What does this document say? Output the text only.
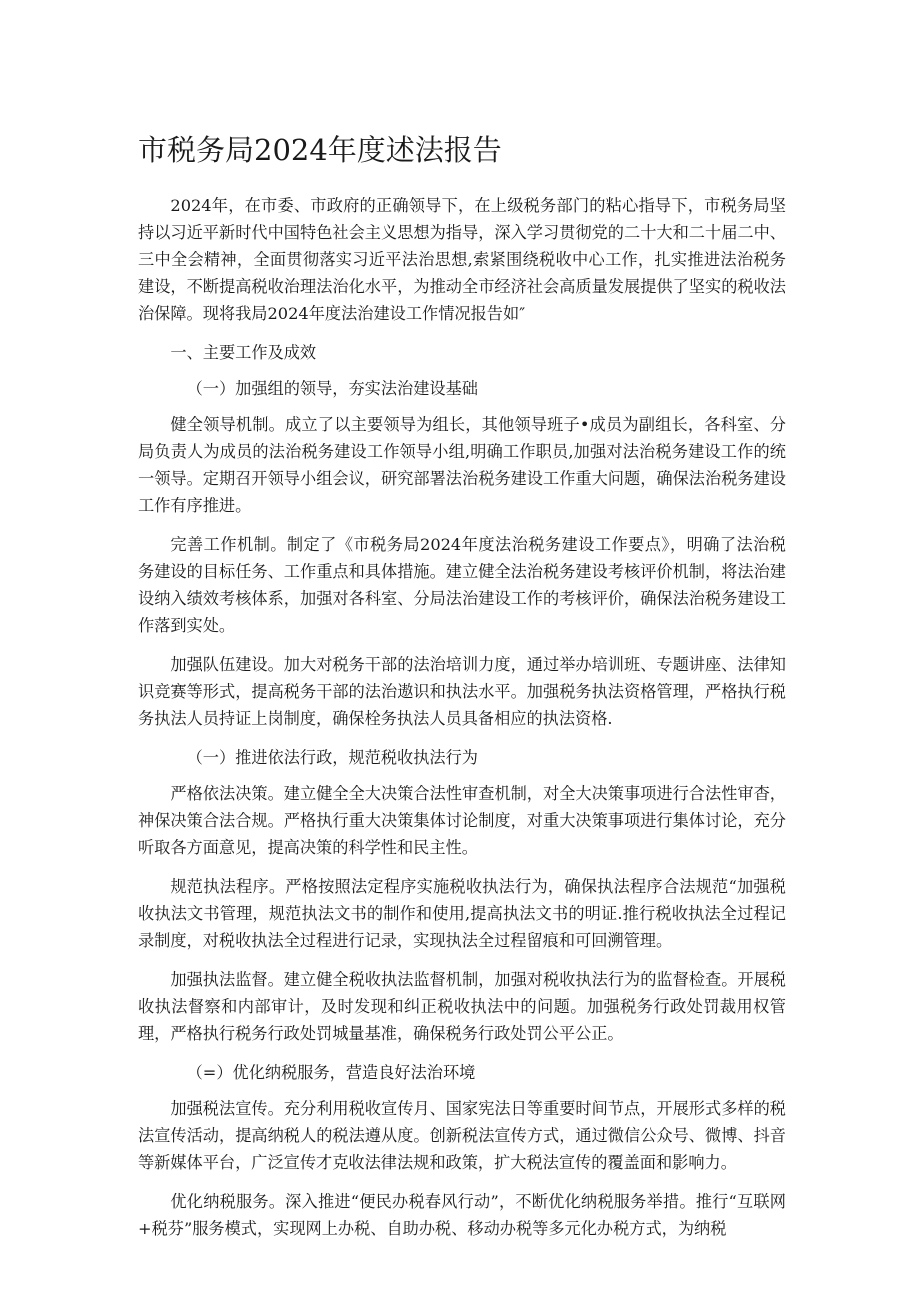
市税务局2024年度述法报告

2024年，在市委、市政府的正确领导下，在上级税务部门的粘心指导下，市税务局坚持以习近平新时代中国特色社会主义思想为指导，深入学习贯彻党的二十大和二十届二中、三中全会精神，全面贯彻落实习近平法治思想,索紧围绕税收中心工作，扎实推进法治税务建设，不断提高税收治理法治化水平，为推动全市经济社会高质量发展提供了坚实的税收法治保障。现将我局2024年度法治建设工作情况报告如″

一、主要工作及成效

（一）加强组的领导，夯实法治建设基础

健全领导机制。成立了以主要领导为组长，其他领导班子•成员为副组长，各科室、分局负责人为成员的法治税务建设工作领导小组,明确工作职员,加强对法治税务建设工作的统一领导。定期召开领导小组会议，研究部署法治税务建设工作重大问题，确保法治税务建设工作有序推进。

完善工作机制。制定了《市税务局2024年度法治税务建设工作要点》，明确了法治税务建设的目标任务、工作重点和具体措施。建立健全法治税务建设考核评价机制，将法治建设纳入绩效考核体系，加强对各科室、分局法治建设工作的考核评价，确保法治税务建设工作落到实处。

加强队伍建设。加大对税务干部的法治培训力度，通过举办培训班、专题讲座、法律知识竞赛等形式，提高税务干部的法治遨识和执法水平。加强税务执法资格管理，严格执行税务执法人员持证上岗制度，确保栓务执法人员具备相应的执法资格.

（一）推进依法行政，规范税收执法行为

严格依法决策。建立健全全大决策合法性审查机制，对全大决策事项进行合法性审杳，神保决策合法合规。严格执行重大决策集体讨论制度，对重大决策事项进行集体讨论，充分听取各方面意见，提高决策的科学性和民主性。

规范执法程序。严格按照法定程序实施税收执法行为，确保执法程序合法规范“加强税收执法文书管理，规范执法文书的制作和使用,提高执法文书的明证.推行税收执法全过程记录制度，对税收执法全过程进行记录，实现执法全过程留痕和可回溯管理。

加强执法监督。建立健全税收执法监督机制，加强对税收执法行为的监督检查。开展税收执法督察和内部审计，及时发现和纠正税收执法中的问题。加强税务行政处罚裁用权管理，严格执行税务行政处罚城量基准，确保税务行政处罚公平公正。

（=）优化纳税服务，营造良好法治环境

加强税法宣传。充分利用税收宣传月、国家宪法日等重要时间节点，开展形式多样的税法宣传活动，提高纳税人的税法遵从度。创新税法宣传方式，通过微信公众号、微博、抖音等新媒体平台，广泛宣传才克收法律法规和政策，扩大税法宣传的覆盖面和影响力。

优化纳税服务。深入推进“便民办税春风行动”，不断优化纳税服务举措。推行“互联网+税芬”服务模式，实现网上办税、自助办税、移动办税等多元化办税方式，为纳税
